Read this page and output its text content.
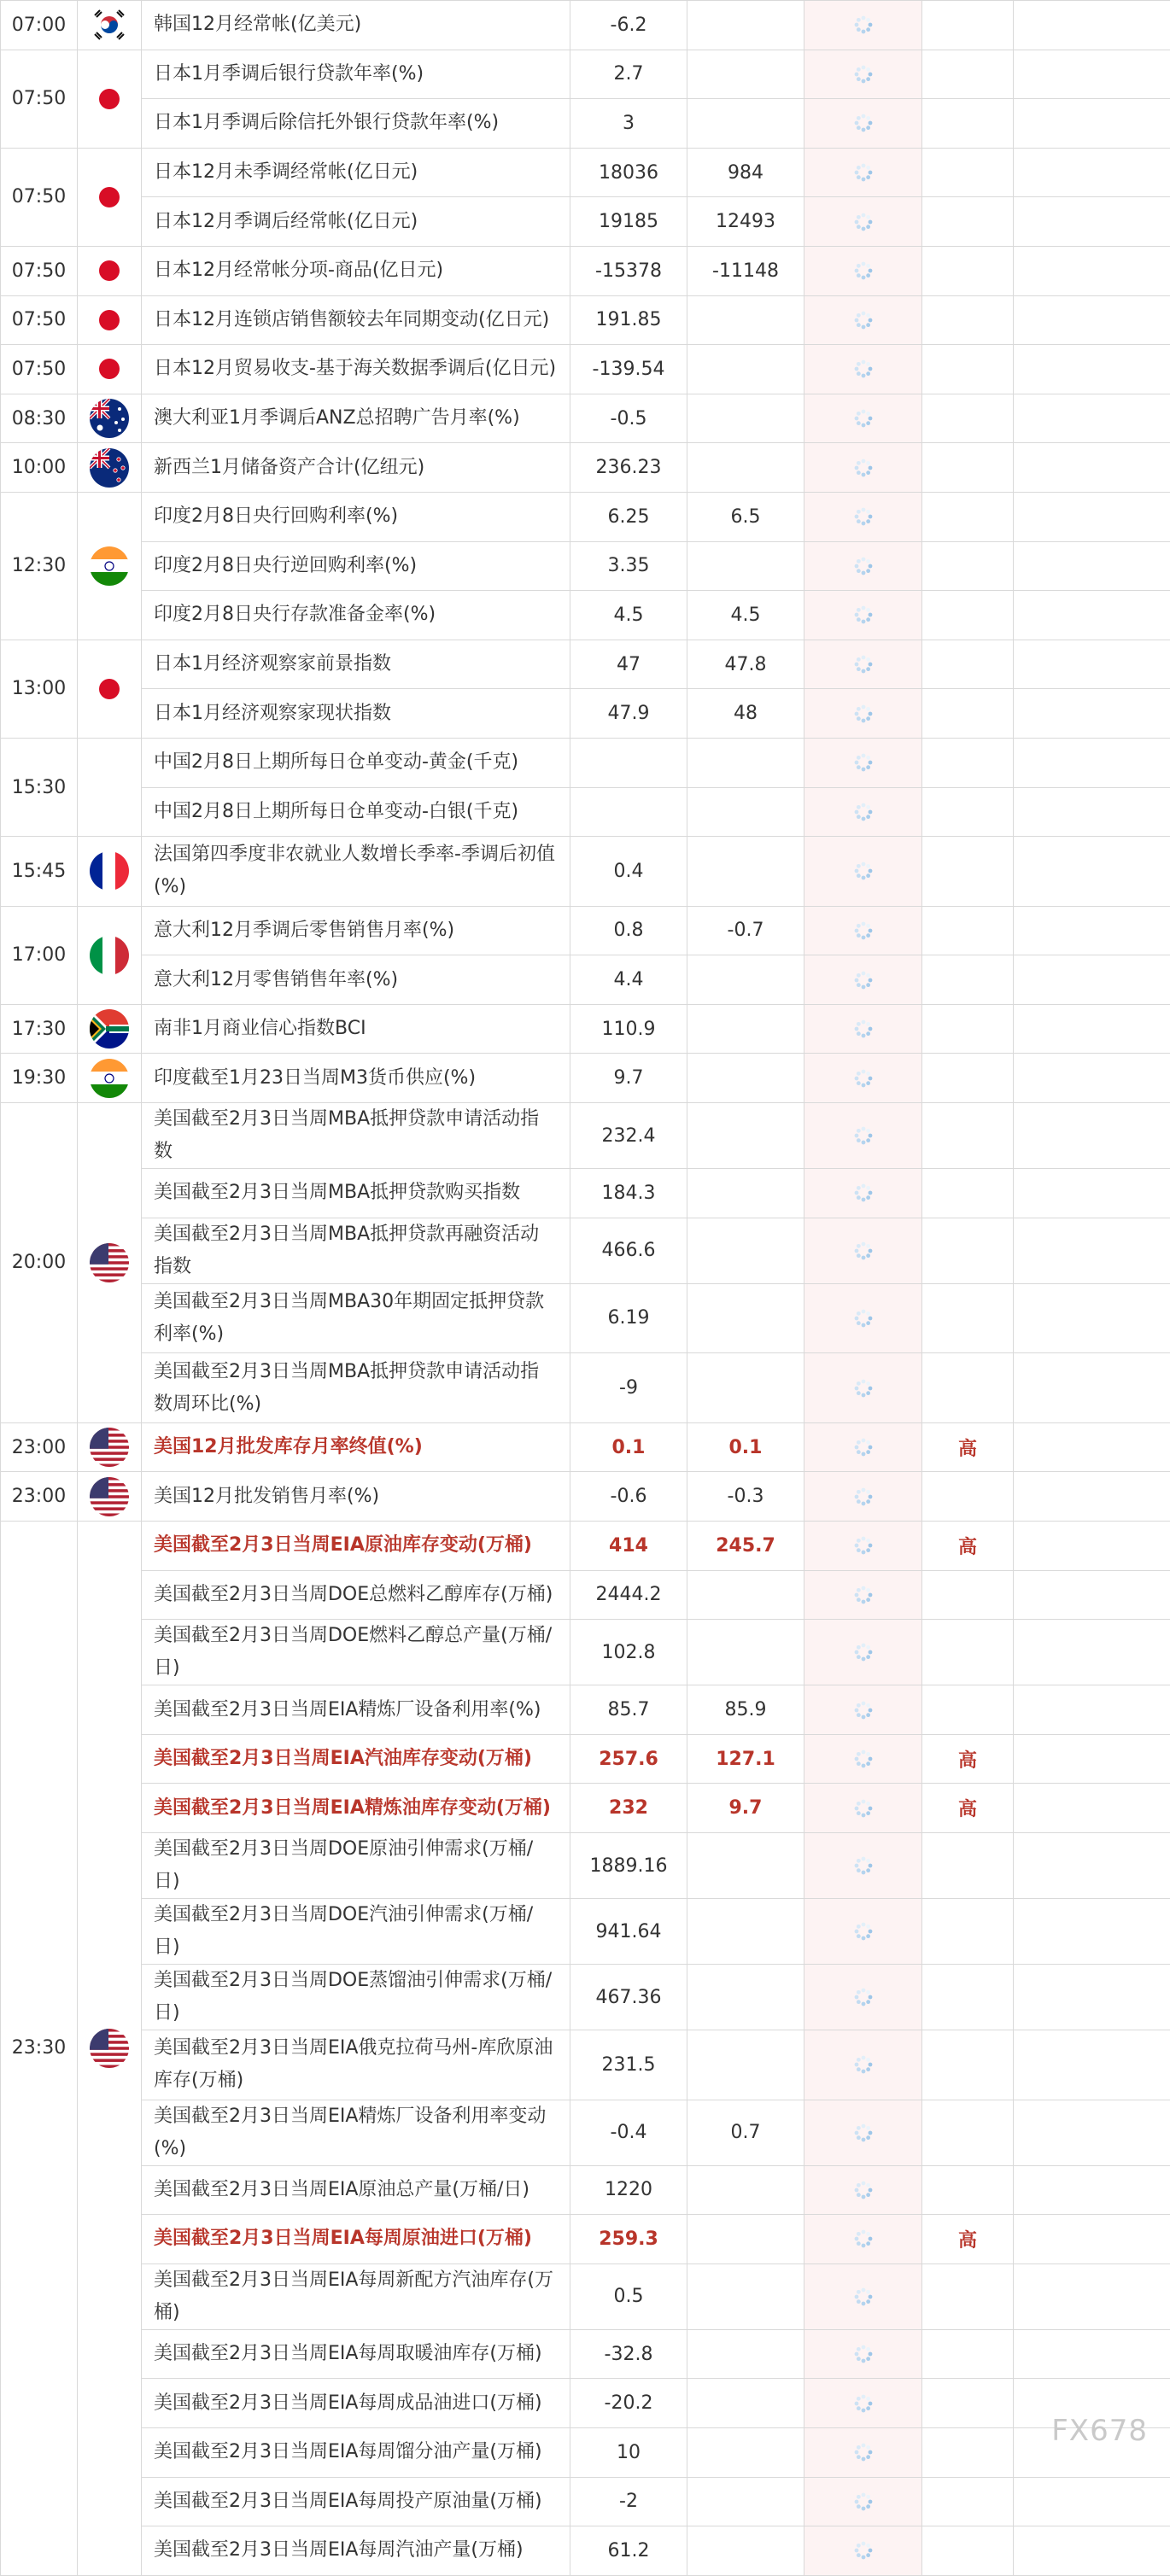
07:00		韩国12月经常帐(亿美元)	-6.2		

07:50		日本1月季调后银行贷款年率(%)	2.7		

		日本1月季调后除信托外银行贷款年率(%)	3		

07:50		日本12月未季调经常帐(亿日元)	18036	984	

		日本12月季调后经常帐(亿日元)	19185	12493	

07:50		日本12月经常帐分项-商品(亿日元)	-15378	-11148	

07:50		日本12月连锁店销售额较去年同期变动(亿日元)	191.85		

07:50		日本12月贸易收支-基于海关数据季调后(亿日元)	-139.54		

08:30		澳大利亚1月季调后ANZ总招聘广告月率(%)	-0.5		

10:00		新西兰1月储备资产合计(亿纽元)	236.23		

12:30		印度2月8日央行回购利率(%)	6.25	6.5	

		印度2月8日央行逆回购利率(%)	3.35		

		印度2月8日央行存款准备金率(%)	4.5	4.5	

13:00		日本1月经济观察家前景指数	47	47.8	

		日本1月经济观察家现状指数	47.9	48	

15:30		中国2月8日上期所每日仓单变动-黄金(千克)			

		中国2月8日上期所每日仓单变动-白银(千克)			

15:45		法国第四季度非农就业人数增长季率-季调后初值(%)	0.4		

17:00		意大利12月季调后零售销售月率(%)	0.8	-0.7	

		意大利12月零售销售年率(%)	4.4		

17:30		南非1月商业信心指数BCI	110.9		

19:30		印度截至1月23日当周M3货币供应(%)	9.7		

20:00		美国截至2月3日当周MBA抵押贷款申请活动指数	232.4		

		美国截至2月3日当周MBA抵押贷款购买指数	184.3		

		美国截至2月3日当周MBA抵押贷款再融资活动指数	466.6		

		美国截至2月3日当周MBA30年期固定抵押贷款利率(%)	6.19		

		美国截至2月3日当周MBA抵押贷款申请活动指数周环比(%)	-9		

23:00		美国12月批发库存月率终值(%)	0.1	0.1		高	
23:00		美国12月批发销售月率(%)	-0.6	-0.3	

23:30		美国截至2月3日当周EIA原油库存变动(万桶)	414	245.7		高	
		美国截至2月3日当周DOE总燃料乙醇库存(万桶)	2444.2		

		美国截至2月3日当周DOE燃料乙醇总产量(万桶/日)	102.8		

		美国截至2月3日当周EIA精炼厂设备利用率(%)	85.7	85.9	

		美国截至2月3日当周EIA汽油库存变动(万桶)	257.6	127.1		高	
		美国截至2月3日当周EIA精炼油库存变动(万桶)	232	9.7		高	
		美国截至2月3日当周DOE原油引伸需求(万桶/日)	1889.16		

		美国截至2月3日当周DOE汽油引伸需求(万桶/日)	941.64		

		美国截至2月3日当周DOE蒸馏油引伸需求(万桶/日)	467.36		

		美国截至2月3日当周EIA俄克拉荷马州-库欣原油库存(万桶)	231.5		

		美国截至2月3日当周EIA精炼厂设备利用率变动(%)	-0.4	0.7	

		美国截至2月3日当周EIA原油总产量(万桶/日)	1220		

		美国截至2月3日当周EIA每周原油进口(万桶)	259.3			高	
		美国截至2月3日当周EIA每周新配方汽油库存(万桶)	0.5		

		美国截至2月3日当周EIA每周取暖油库存(万桶)	-32.8		

		美国截至2月3日当周EIA每周成品油进口(万桶)	-20.2		

		美国截至2月3日当周EIA每周馏分油产量(万桶)	10		

		美国截至2月3日当周EIA每周投产原油量(万桶)	-2		

		美国截至2月3日当周EIA每周汽油产量(万桶)	61.2		

FX678
